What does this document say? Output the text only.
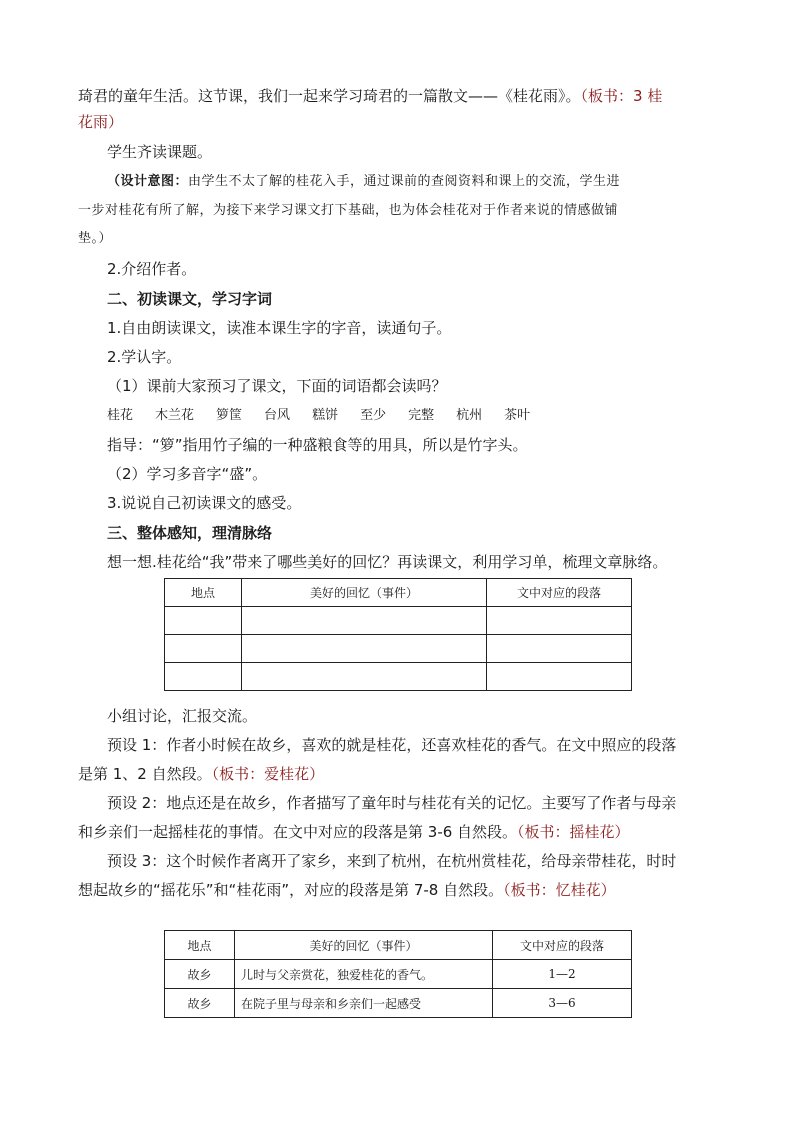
琦君的童年生活。这节课，我们一起来学习琦君的一篇散文——《桂花雨》。（板书：3 桂
花雨）
学生齐读课题。
（设计意图：由学生不太了解的桂花入手，通过课前的查阅资料和课上的交流，学生进
一步对桂花有所了解，为接下来学习课文打下基础，也为体会桂花对于作者来说的情感做铺
垫。）
2.介绍作者。
二、初读课文，学习字词
1.自由朗读课文，读准本课生字的字音，读通句子。
2.学认字。
（1）课前大家预习了课文，下面的词语都会读吗？
桂花 木兰花 箩筐 台风 糕饼 至少 完整 杭州 茶叶
指导：“箩”指用竹子编的一种盛粮食等的用具，所以是竹字头。
（2）学习多音字“盛”。
3.说说自己初读课文的感受。
三、整体感知，理清脉络
想一想.桂花给“我”带来了哪些美好的回忆？再读课文，利用学习单，梳理文章脉络。
地点	美好的回忆（事件）	文中对应的段落

小组讨论，汇报交流。
预设 1：作者小时候在故乡，喜欢的就是桂花，还喜欢桂花的香气。在文中照应的段落
是第 1、2 自然段。（板书：爱桂花）
预设 2：地点还是在故乡，作者描写了童年时与桂花有关的记忆。主要写了作者与母亲
和乡亲们一起摇桂花的事情。在文中对应的段落是第 3-6 自然段。（板书：摇桂花）
预设 3：这个时候作者离开了家乡，来到了杭州，在杭州赏桂花，给母亲带桂花，时时
想起故乡的“摇花乐”和“桂花雨”，对应的段落是第 7-8 自然段。（板书：忆桂花）
地点	美好的回忆（事件）	文中对应的段落
故乡	儿时与父亲赏花，独爱桂花的香气。	1—2
故乡	在院子里与母亲和乡亲们一起感受	3—6
